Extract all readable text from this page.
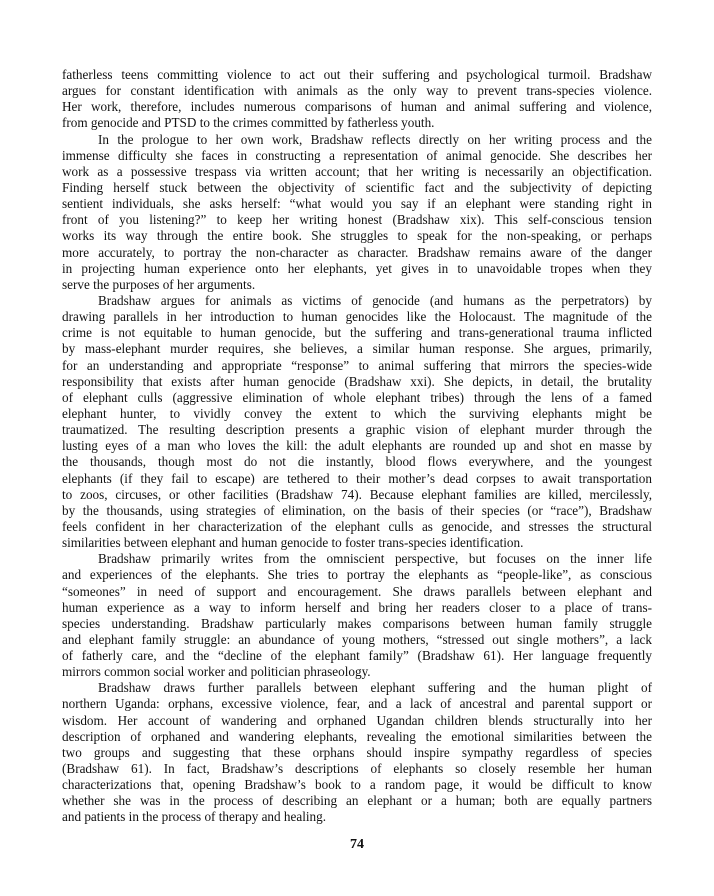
fatherless teens committing violence to act out their suffering and psychological turmoil. Bradshaw
argues for constant identification with animals as the only way to prevent trans-species violence.
Her work, therefore, includes numerous comparisons of human and animal suffering and violence,
from genocide and PTSD to the crimes committed by fatherless youth.
In the prologue to her own work, Bradshaw reflects directly on her writing process and the
immense difficulty she faces in constructing a representation of animal genocide. She describes her
work as a possessive trespass via written account; that her writing is necessarily an objectification.
Finding herself stuck between the objectivity of scientific fact and the subjectivity of depicting
sentient individuals, she asks herself: “what would you say if an elephant were standing right in
front of you listening?” to keep her writing honest (Bradshaw xix). This self-conscious tension
works its way through the entire book. She struggles to speak for the non-speaking, or perhaps
more accurately, to portray the non-character as character. Bradshaw remains aware of the danger
in projecting human experience onto her elephants, yet gives in to unavoidable tropes when they
serve the purposes of her arguments.
Bradshaw argues for animals as victims of genocide (and humans as the perpetrators) by
drawing parallels in her introduction to human genocides like the Holocaust. The magnitude of the
crime is not equitable to human genocide, but the suffering and trans-generational trauma inflicted
by mass-elephant murder requires, she believes, a similar human response. She argues, primarily,
for an understanding and appropriate “response” to animal suffering that mirrors the species-wide
responsibility that exists after human genocide (Bradshaw xxi). She depicts, in detail, the brutality
of elephant culls (aggressive elimination of whole elephant tribes) through the lens of a famed
elephant hunter, to vividly convey the extent to which the surviving elephants might be
traumatized. The resulting description presents a graphic vision of elephant murder through the
lusting eyes of a man who loves the kill: the adult elephants are rounded up and shot en masse by
the thousands, though most do not die instantly, blood flows everywhere, and the youngest
elephants (if they fail to escape) are tethered to their mother’s dead corpses to await transportation
to zoos, circuses, or other facilities (Bradshaw 74). Because elephant families are killed, mercilessly,
by the thousands, using strategies of elimination, on the basis of their species (or “race”), Bradshaw
feels confident in her characterization of the elephant culls as genocide, and stresses the structural
similarities between elephant and human genocide to foster trans-species identification.
Bradshaw primarily writes from the omniscient perspective, but focuses on the inner life
and experiences of the elephants. She tries to portray the elephants as “people-like”, as conscious
“someones” in need of support and encouragement. She draws parallels between elephant and
human experience as a way to inform herself and bring her readers closer to a place of trans-
species understanding. Bradshaw particularly makes comparisons between human family struggle
and elephant family struggle: an abundance of young mothers, “stressed out single mothers”, a lack
of fatherly care, and the “decline of the elephant family” (Bradshaw 61). Her language frequently
mirrors common social worker and politician phraseology.
Bradshaw draws further parallels between elephant suffering and the human plight of
northern Uganda: orphans, excessive violence, fear, and a lack of ancestral and parental support or
wisdom. Her account of wandering and orphaned Ugandan children blends structurally into her
description of orphaned and wandering elephants, revealing the emotional similarities between the
two groups and suggesting that these orphans should inspire sympathy regardless of species
(Bradshaw 61). In fact, Bradshaw’s descriptions of elephants so closely resemble her human
characterizations that, opening Bradshaw’s book to a random page, it would be difficult to know
whether she was in the process of describing an elephant or a human; both are equally partners
and patients in the process of therapy and healing.
74
